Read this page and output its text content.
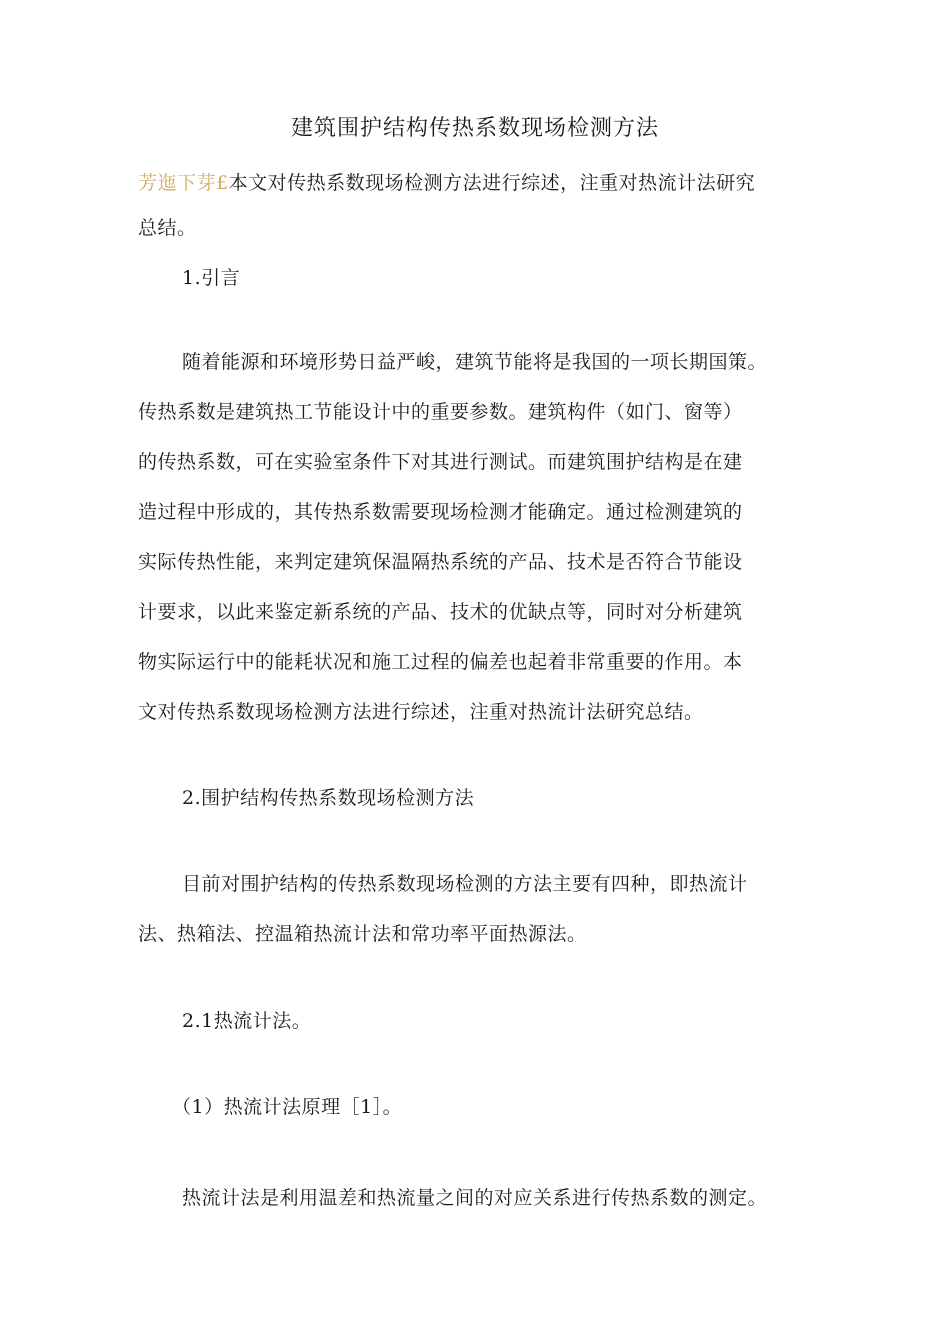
建筑围护结构传热系数现场检测方法
芳迤下芽£本文对传热系数现场检测方法进行综述，注重对热流计法研究
总结。
1.引言
随着能源和环境形势日益严峻，建筑节能将是我国的一项长期国策。
传热系数是建筑热工节能设计中的重要参数。建筑构件（如门、窗等）
的传热系数，可在实验室条件下对其进行测试。而建筑围护结构是在建
造过程中形成的，其传热系数需要现场检测才能确定。通过检测建筑的
实际传热性能，来判定建筑保温隔热系统的产品、技术是否符合节能设
计要求，以此来鉴定新系统的产品、技术的优缺点等，同时对分析建筑
物实际运行中的能耗状况和施工过程的偏差也起着非常重要的作用。本
文对传热系数现场检测方法进行综述，注重对热流计法研究总结。
2.围护结构传热系数现场检测方法
目前对围护结构的传热系数现场检测的方法主要有四种，即热流计
法、热箱法、控温箱热流计法和常功率平面热源法。
2.1热流计法。
（1）热流计法原理［1］。
热流计法是利用温差和热流量之间的对应关系进行传热系数的测定。
